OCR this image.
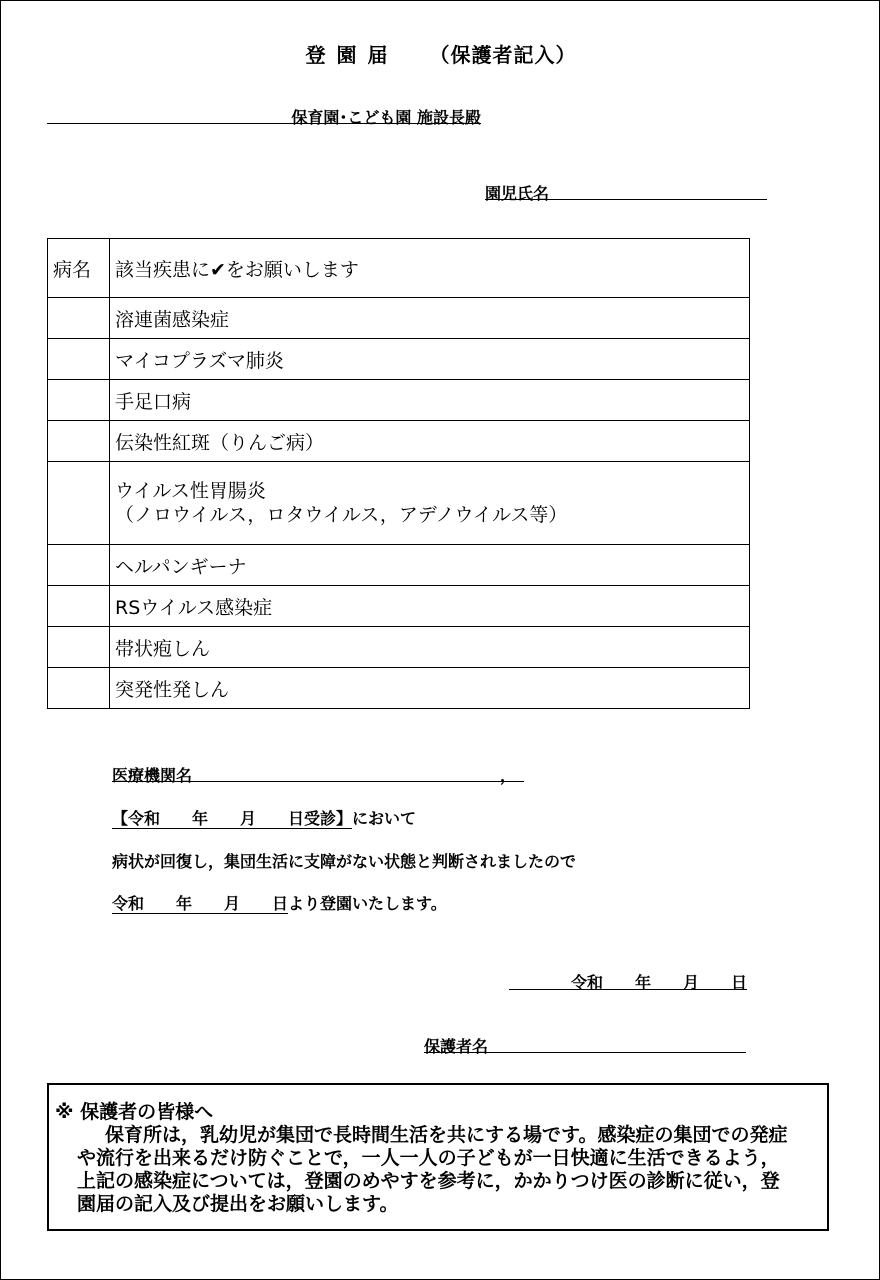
登 園 届 （保護者記入）
保育園･こども園 施設長殿
園児氏名
病名	該当疾患に✔をお願いします
	溶連菌感染症
	マイコプラズマ肺炎
	手足口病
	伝染性紅斑（りんご病）

	ウイルス性胃腸炎
（ノロウイルス，ロタウイルス，アデノウイルス等）

	ヘルパンギーナ
	RSウイルス感染症
	帯状疱しん
	突発性発しん
医療機関名	，
【令和　　年　　月　　日受診】において
病状が回復し，集団生活に支障がない状態と判断されましたので
令和　　年　　月　　日より登園いたします。
令和　　年　　月　　日
保護者名
※ 保護者の皆様へ
保育所は，乳幼児が集団で長時間生活を共にする場です。感染症の集団での発症や流行を出来るだけ防ぐことで，一人一人の子どもが一日快適に生活できるよう，上記の感染症については，登園のめやすを参考に，かかりつけ医の診断に従い，登園届の記入及び提出をお願いします。
